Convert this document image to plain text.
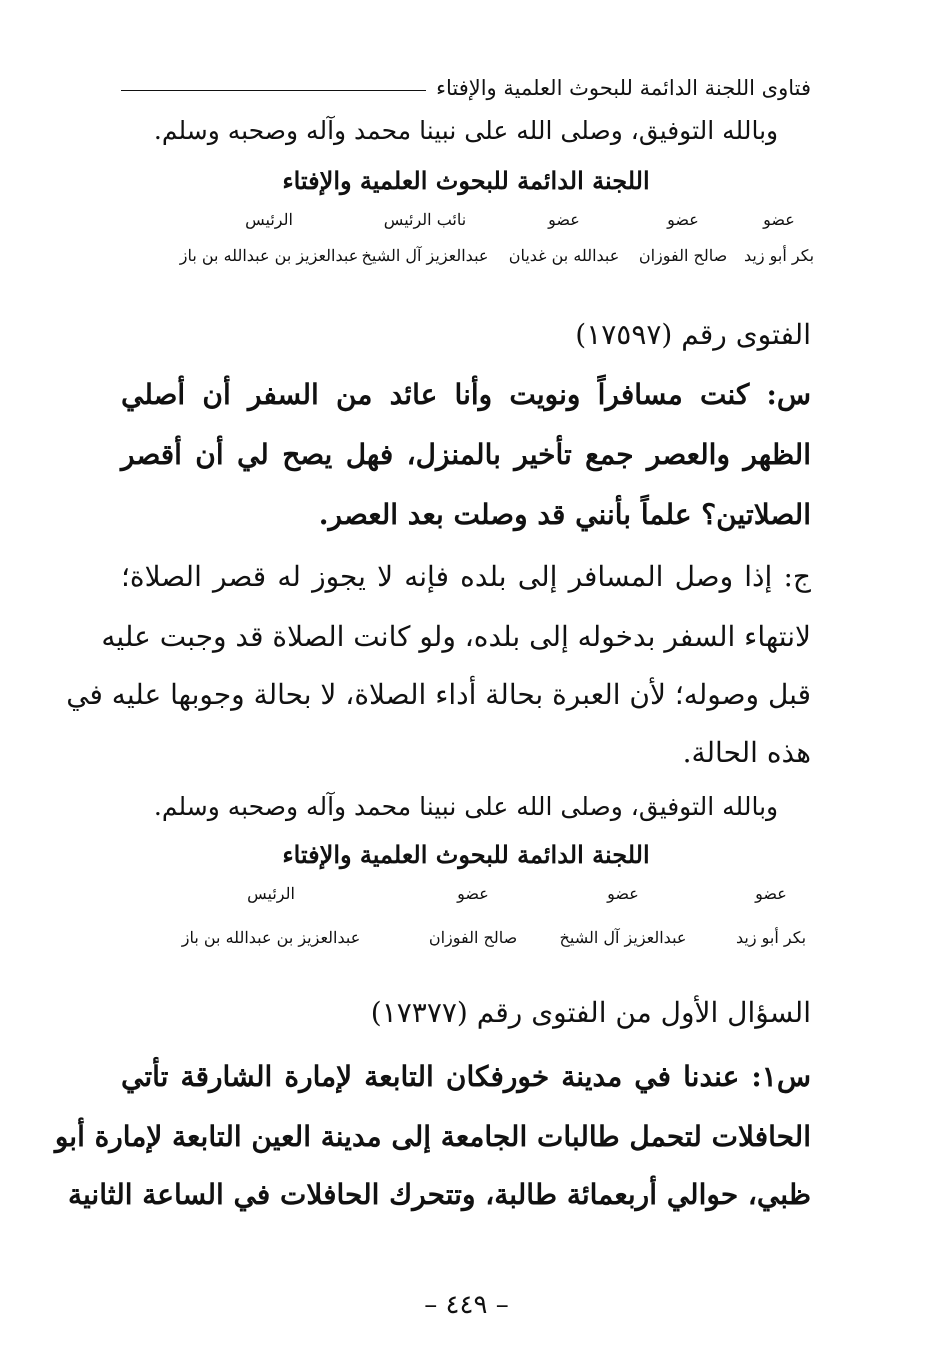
فتاوى اللجنة الدائمة للبحوث العلمية والإفتاء
وبالله التوفيق، وصلى الله على نبينا محمد وآله وصحبه وسلم.
اللجنة الدائمة للبحوث العلمية والإفتاء
عضو
عضو
عضو
نائب الرئيس
الرئيس
بكر أبو زيد
صالح الفوزان
عبدالله بن غديان
عبدالعزيز آل الشيخ
عبدالعزيز بن عبدالله بن باز
الفتوى رقم (١٧٥٩٧)
س: كنت مسافراً ونويت وأنا عائد من السفر أن أصلي
الظهر والعصر جمع تأخير بالمنزل، فهل يصح لي أن أقصر
الصلاتين؟ علماً بأنني قد وصلت بعد العصر.
ج: إذا وصل المسافر إلى بلده فإنه لا يجوز له قصر الصلاة؛
لانتهاء السفر بدخوله إلى بلده، ولو كانت الصلاة قد وجبت عليه
قبل وصوله؛ لأن العبرة بحالة أداء الصلاة، لا بحالة وجوبها عليه في
هذه الحالة.
وبالله التوفيق، وصلى الله على نبينا محمد وآله وصحبه وسلم.
اللجنة الدائمة للبحوث العلمية والإفتاء
عضو
عضو
عضو
الرئيس
بكر أبو زيد
عبدالعزيز آل الشيخ
صالح الفوزان
عبدالعزيز بن عبدالله بن باز
السؤال الأول من الفتوى رقم (١٧٣٧٧)
س١: عندنا في مدينة خورفكان التابعة لإمارة الشارقة تأتي
الحافلات لتحمل طالبات الجامعة إلى مدينة العين التابعة لإمارة أبو
ظبي، حوالي أربعمائة طالبة، وتتحرك الحافلات في الساعة الثانية
– ٤٤٩ –
